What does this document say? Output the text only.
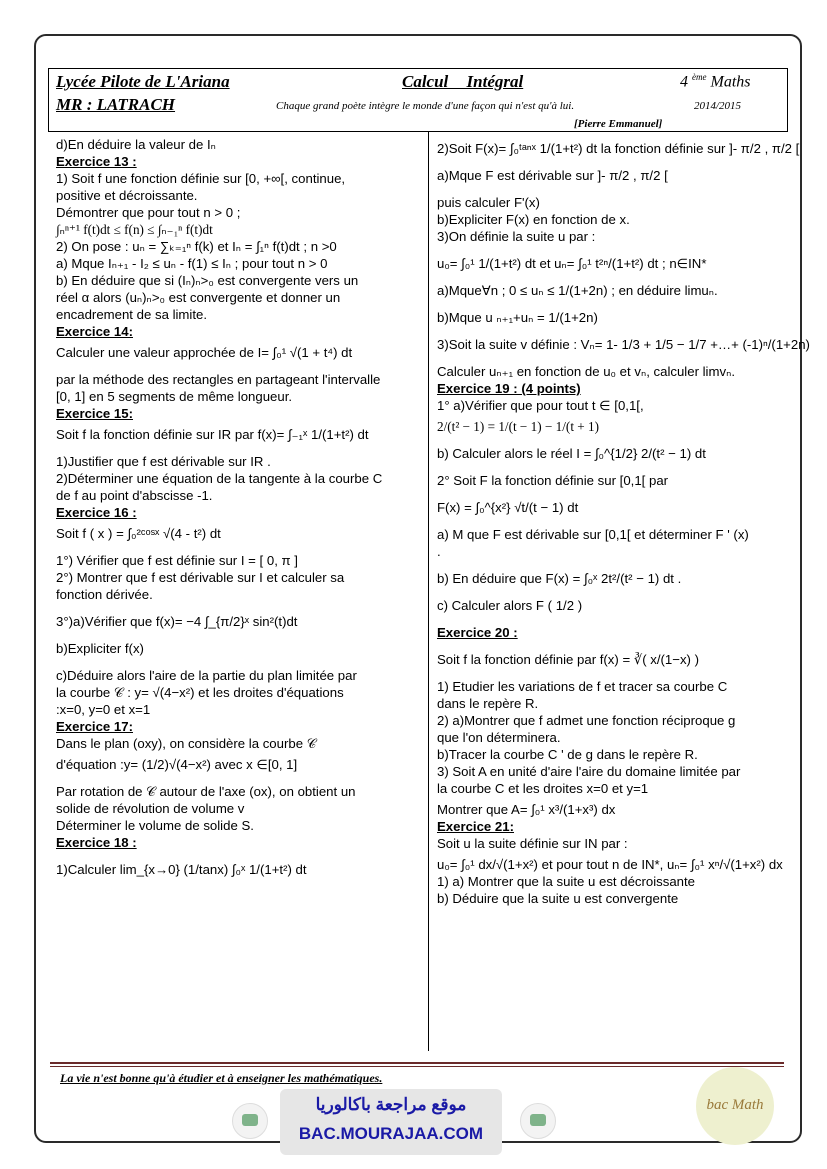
Lycée Pilote de L'Ariana
MR : LATRACH
Calcul Intégral	4 $^{ème}$ Maths
Chaque grand poète intègre le monde d'une façon qui n'est qu'à lui.	2014/2015
[Pierre Emmanuel]
d)En déduire la valeur de Iₙ
Exercice 13 :
1) Soit f une fonction définie sur [0, +∞[, continue,
positive et décroissante.
Démontrer que pour tout n > 0 ;
∫ₙⁿ⁺¹ f(t)dt ≤ f(n) ≤ ∫ₙ₋₁ⁿ f(t)dt
2) On pose : uₙ = ∑ₖ₌₁ⁿ f(k) et Iₙ = ∫₁ⁿ f(t)dt ; n >0
a) Mque Iₙ₊₁ - I₂ ≤ uₙ - f(1) ≤ Iₙ ; pour tout n > 0
b) En déduire que si (Iₙ)ₙ>₀ est convergente vers un
réel α alors (uₙ)ₙ>₀ est convergente et donner un
encadrement de sa limite.
Exercice 14:
Calculer une valeur approchée de I= ∫₀¹ √(1 + t⁴) dt
par la méthode des rectangles en partageant l'intervalle
[0, 1] en 5 segments de même longueur.
Exercice 15:
Soit f la fonction définie sur IR par f(x)= ∫₋₁ˣ 1/(1+t²) dt
1)Justifier que f est dérivable sur IR .
2)Déterminer une équation de la tangente à la courbe C
de f au point d'abscisse -1.
Exercice 16 :
Soit f ( x ) = ∫₀²ᶜᵒˢˣ √(4 - t²) dt
1°) Vérifier que f est définie sur I = [ 0, π ]
2°) Montrer que f est dérivable sur I et calculer sa
fonction dérivée.
3°)a)Vérifier que f(x)= −4 ∫_{π/2}ˣ sin²(t)dt
b)Expliciter f(x)
c)Déduire alors l'aire de la partie du plan limitée par
la courbe 𝒞 : y= √(4−x²) et les droites d'équations
:x=0, y=0 et x=1
Exercice 17:
Dans le plan (oxy), on considère la courbe 𝒞
d'équation :y= (1/2)√(4−x²) avec x ∈[0, 1]
Par rotation de 𝒞 autour de l'axe (ox), on obtient un
solide de révolution de volume v
Déterminer le volume de solide S.
Exercice 18 :
1)Calculer lim_{x→0} (1/tanx) ∫₀ˣ 1/(1+t²) dt
2)Soit F(x)= ∫₀ᵗᵃⁿˣ 1/(1+t²) dt la fonction définie sur ]- π/2 , π/2 [
a)Mque F est dérivable sur ]- π/2 , π/2 [
puis calculer F'(x)
b)Expliciter F(x) en fonction de x.
3)On définie la suite u par :
u₀= ∫₀¹ 1/(1+t²) dt et uₙ= ∫₀¹ t²ⁿ/(1+t²) dt ; n∈IN*
a)Mque∀n ; 0 ≤ uₙ ≤ 1/(1+2n) ; en déduire limuₙ.
b)Mque u ₙ₊₁+uₙ = 1/(1+2n)
3)Soit la suite v définie : Vₙ= 1- 1/3 + 1/5 − 1/7 +…+ (-1)ⁿ/(1+2n)
Calculer uₙ₊₁ en fonction de u₀ et vₙ, calculer limvₙ.
Exercice 19 : (4 points)
1° a)Vérifier que pour tout t ∈ [0,1[,
2/(t² − 1) = 1/(t − 1) − 1/(t + 1)
b) Calculer alors le réel I = ∫₀^{1/2} 2/(t² − 1) dt
2° Soit F la fonction définie sur [0,1[ par
F(x) = ∫₀^{x²} √t/(t − 1) dt
a) M que F est dérivable sur [0,1[ et déterminer F ' (x)
.
b) En déduire que F(x) = ∫₀ˣ 2t²/(t² − 1) dt .
c) Calculer alors F ( 1/2 )
Exercice 20 :
Soit f la fonction définie par f(x) = ∛( x/(1−x) )
1) Etudier les variations de f et tracer sa courbe C
dans le repère R.
2) a)Montrer que f admet une fonction réciproque g
que l'on déterminera.
b)Tracer la courbe C ' de g dans le repère R.
3) Soit A en unité d'aire l'aire du domaine limitée par
la courbe C et les droites x=0 et y=1
Montrer que A= ∫₀¹ x³/(1+x³) dx
Exercice 21:
Soit u la suite définie sur IN par :
u₀= ∫₀¹ dx/√(1+x²) et pour tout n de IN*, uₙ= ∫₀¹ xⁿ/√(1+x²) dx
1) a) Montrer que la suite u est décroissante
b) Déduire que la suite u est convergente
La vie n'est bonne qu'à étudier et à enseigner les mathématiques.
موقع مراجعة باكالوريا
BAC.MOURAJAA.COM
bac Math
